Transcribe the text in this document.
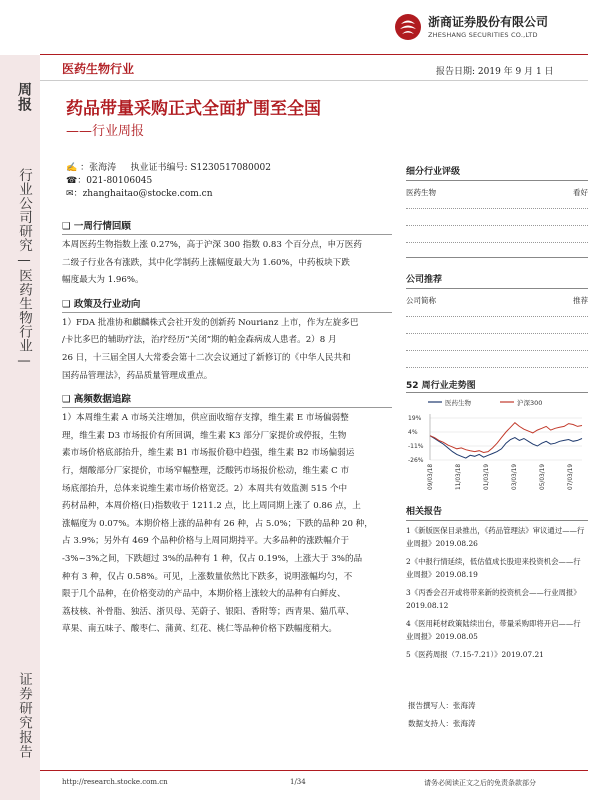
浙商证券股份有限公司
ZHESHANG SECURITIES CO.,LTD
周报
行业公司研究—医药生物行业—
证券研究报告
医药生物行业	报告日期: 2019 年 9 月 1 日
药品带量采购正式全面扩围至全国
——行业周报
✍ ：张海涛 执业证书编号: S1230517080002
☎：021-80106045
✉：zhanghaitao@stocke.com.cn
❑ 一周行情回顾
本周医药生物指数上涨 0.27%，高于沪深 300 指数 0.83 个百分点，申万医药
二级子行业各有涨跌，其中化学制药上涨幅度最大为 1.60%，中药板块下跌
幅度最大为 1.96%。
❑ 政策及行业动向
1）FDA 批准协和麒麟株式会社开发的创新药 Nourianz 上市，作为左旋多巴
/卡比多巴的辅助疗法，治疗经历“关闭”期的帕金森病成人患者。2）8 月
26 日，十三届全国人大常委会第十二次会议通过了新修订的《中华人民共和
国药品管理法》，药品质量管理成重点。
❑ 高频数据追踪
1）本周维生素 A 市场关注增加，供应面收缩存支撑，维生素 E 市场偏弱整
理，维生素 D3 市场报价有所回调，维生素 K3 部分厂家提价或停报，生物
素市场价格底部抬升，维生素 B1 市场报价稳中趋强，维生素 B2 市场偏弱运
行，烟酸部分厂家提价，市场窄幅整理，泛酸钙市场报价松动，维生素 C 市
场底部抬升，总体来说维生素市场价格宽泛。2）本周共有效监测 515 个中
药材品种，本周价格(日)指数收于 1211.2 点，比上周同期上涨了 0.86 点，上
涨幅度为 0.07%。本期价格上涨的品种有 26 种，占 5.0%；下跌的品种 20 种，
占 3.9%；另外有 469 个品种价格与上周同期持平。大多品种的涨跌幅介于
-3%~3%之间，下跌超过 3%的品种有 1 种，仅占 0.19%，上涨大于 3%的品
种有 3 种，仅占 0.58%。可见，上涨数量依然比下跌多，说明涨幅均匀，不
限于几个品种，在价格变动的产品中，本期价格上涨较大的品种有白鲜皮、
荔枝核、补骨脂、独活、浙贝母、芜蔚子、银阳、香附等；西青果、猫爪草、
草果、南五味子、酸枣仁、蒲黄、红花、桃仁等品种价格下跌幅度稍大。
细分行业评级
医药生物	看好
公司推荐
公司简称	推荐
52 周行业走势图
医药生物	沪深300
19%
4%
-11%
-26%
09/03/18	11/03/18	01/03/19	03/03/19	05/03/19	07/03/19
相关报告
1《新版医保目录推出，《药品管理法》审议通过——行业周报》2019.08.26
2《中报行情延续，低估值成长股迎来投资机会——行业周报》2019.08.19
3《丙香会召开或将带来新的投资机会——行业周报》2019.08.12
4《医用耗材政策陆续出台，带量采购即将开启——行业周报》2019.08.05
5《医药周报（7.15-7.21）》2019.07.21
报告撰写人：张海涛
数据支持人：张海涛
http://research.stocke.com.cn	1/34	请务必阅读正文之后的免责条款部分
